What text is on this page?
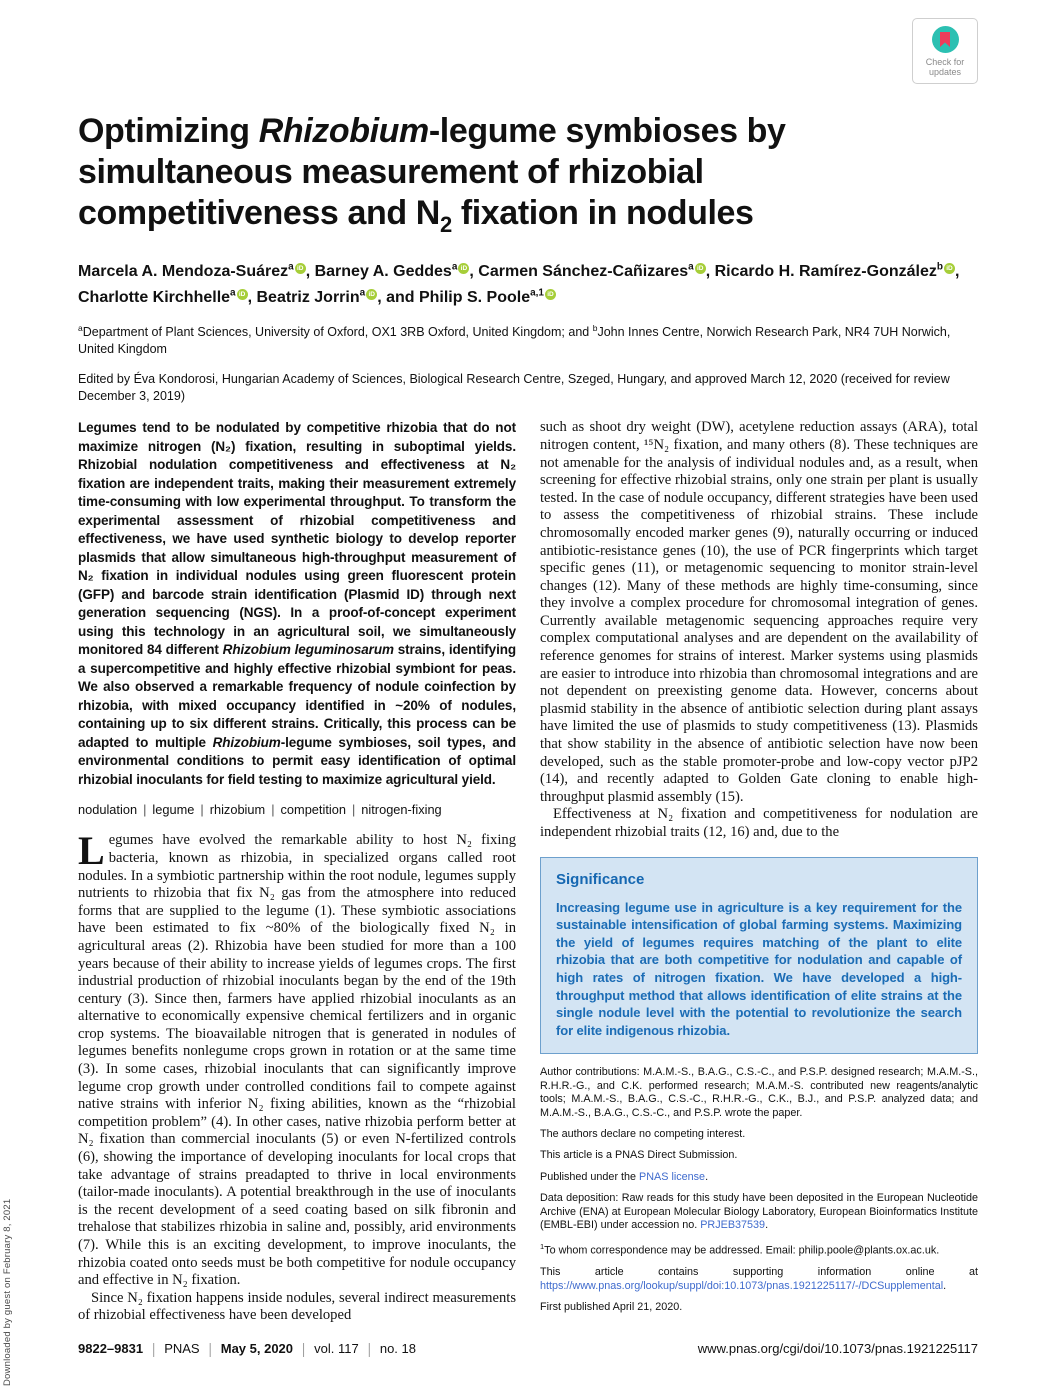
Downloaded by guest on February 8, 2021
Check for updates
Optimizing Rhizobium-legume symbioses by
simultaneous measurement of rhizobial
competitiveness and $N_2$ fixation in nodules
Marcela A. Mendoza-Suárez$^a$ iD , Barney A. Geddes$^a$ iD , Carmen Sánchez-Cañizares$^a$ iD , Ricardo H. Ramírez-González$^b$ iD , Charlotte Kirchhelle$^a$ iD , Beatriz Jorrin$^a$ iD , and Philip S. Poole$^{a,1}$ iD
$^a$Department of Plant Sciences, University of Oxford, OX1 3RB Oxford, United Kingdom; and $^b$John Innes Centre, Norwich Research Park, NR4 7UH Norwich, United Kingdom
Edited by Éva Kondorosi, Hungarian Academy of Sciences, Biological Research Centre, Szeged, Hungary, and approved March 12, 2020 (received for review December 3, 2019)
Legumes tend to be nodulated by competitive rhizobia that do not maximize nitrogen (N₂) fixation, resulting in suboptimal yields. Rhizobial nodulation competitiveness and effectiveness at N₂ fixation are independent traits, making their measurement extremely time-consuming with low experimental throughput. To transform the experimental assessment of rhizobial competitiveness and effectiveness, we have used synthetic biology to develop reporter plasmids that allow simultaneous high-throughput measurement of N₂ fixation in individual nodules using green fluorescent protein (GFP) and barcode strain identification (Plasmid ID) through next generation sequencing (NGS). In a proof-of-concept experiment using this technology in an agricultural soil, we simultaneously monitored 84 different Rhizobium leguminosarum strains, identifying a supercompetitive and highly effective rhizobial symbiont for peas. We also observed a remarkable frequency of nodule coinfection by rhizobia, with mixed occupancy identified in ~20% of nodules, containing up to six different strains. Critically, this process can be adapted to multiple Rhizobium-legume symbioses, soil types, and environmental conditions to permit easy identification of optimal rhizobial inoculants for field testing to maximize agricultural yield.
nodulation | legume | rhizobium | competition | nitrogen-fixing

Legumes have evolved the remarkable ability to host N₂ fixing bacteria, known as rhizobia, in specialized organs called root nodules. In a symbiotic partnership within the root nodule, legumes supply nutrients to rhizobia that fix N₂ gas from the atmosphere into reduced forms that are supplied to the legume (1). These symbiotic associations have been estimated to fix ~80% of the biologically fixed N₂ in agricultural areas (2). Rhizobia have been studied for more than a 100 years because of their ability to increase yields of legumes crops. The first industrial production of rhizobial inoculants began by the end of the 19th century (3). Since then, farmers have applied rhizobial inoculants as an alternative to economically expensive chemical fertilizers and in organic crop systems. The bioavailable nitrogen that is generated in nodules of legumes benefits nonlegume crops grown in rotation or at the same time (3). In some cases, rhizobial inoculants that can significantly improve legume crop growth under controlled conditions fail to compete against native strains with inferior N₂ fixing abilities, known as the “rhizobial competition problem” (4). In other cases, native rhizobia perform better at N₂ fixation than commercial inoculants (5) or even N-fertilized controls (6), showing the importance of developing inoculants for local crops that take advantage of strains preadapted to thrive in local environments (tailor-made inoculants). A potential breakthrough in the use of inoculants is the recent development of a seed coating based on silk fibronin and trehalose that stabilizes rhizobia in saline and, possibly, arid environments (7). While this is an exciting development, to improve inoculants, the rhizobia coated onto seeds must be both competitive for nodule occupancy and effective in N₂ fixation.

Since N₂ fixation happens inside nodules, several indirect measurements of rhizobial effectiveness have been developed

such as shoot dry weight (DW), acetylene reduction assays (ARA), total nitrogen content, ¹⁵N₂ fixation, and many others (8). These techniques are not amenable for the analysis of individual nodules and, as a result, when screening for effective rhizobial strains, only one strain per plant is usually tested. In the case of nodule occupancy, different strategies have been used to assess the competitiveness of rhizobial strains. These include chromosomally encoded marker genes (9), naturally occurring or induced antibiotic-resistance genes (10), the use of PCR fingerprints which target specific genes (11), or metagenomic sequencing to monitor strain-level changes (12). Many of these methods are highly time-consuming, since they involve a complex procedure for chromosomal integration of genes. Currently available metagenomic sequencing approaches require very complex computational analyses and are dependent on the availability of reference genomes for strains of interest. Marker systems using plasmids are easier to introduce into rhizobia than chromosomal integrations and are not dependent on preexisting genome data. However, concerns about plasmid stability in the absence of antibiotic selection during plant assays have limited the use of plasmids to study competitiveness (13). Plasmids that show stability in the absence of antibiotic selection have now been developed, such as the stable promoter-probe and low-copy vector pJP2 (14), and recently adapted to Golden Gate cloning to enable high-throughput plasmid assembly (15).

Effectiveness at N₂ fixation and competitiveness for nodulation are independent rhizobial traits (12, 16) and, due to the

Significance
Increasing legume use in agriculture is a key requirement for the sustainable intensification of global farming systems. Maximizing the yield of legumes requires matching of the plant to elite rhizobia that are both competitive for nodulation and capable of high rates of nitrogen fixation. We have developed a high-throughput method that allows identification of elite strains at the single nodule level with the potential to revolutionize the search for elite indigenous rhizobia.
Author contributions: M.A.M.-S., B.A.G., C.S.-C., and P.S.P. designed research; M.A.M.-S., R.H.R.-G., and C.K. performed research; M.A.M.-S. contributed new reagents/analytic tools; M.A.M.-S., B.A.G., C.S.-C., R.H.R.-G., C.K., B.J., and P.S.P. analyzed data; and M.A.M.-S., B.A.G., C.S.-C., and P.S.P. wrote the paper.
The authors declare no competing interest.
This article is a PNAS Direct Submission.
Published under the PNAS license.
Data deposition: Raw reads for this study have been deposited in the European Nucleotide Archive (ENA) at European Molecular Biology Laboratory, European Bioinformatics Institute (EMBL-EBI) under accession no. PRJEB37539.
$^1$To whom correspondence may be addressed. Email: philip.poole@plants.ox.ac.uk.
This article contains supporting information online at https://www.pnas.org/lookup/suppl/doi:10.1073/pnas.1921225117/-/DCSupplemental.
First published April 21, 2020.
9822–9831 | PNAS | May 5, 2020 | vol. 117 | no. 18	www.pnas.org/cgi/doi/10.1073/pnas.1921225117
